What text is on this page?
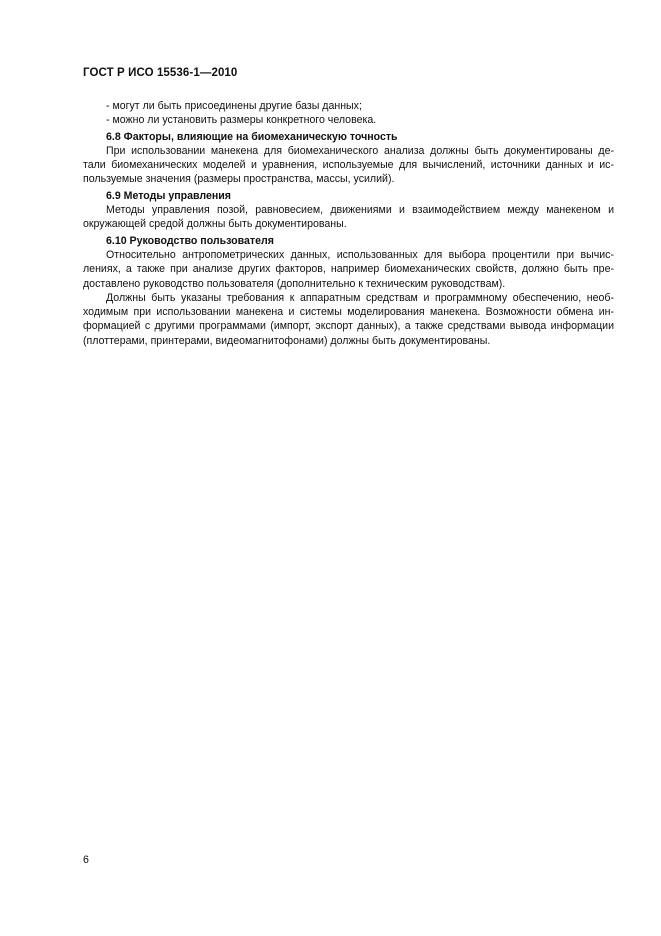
ГОСТ Р ИСО 15536-1—2010
- могут ли быть присоединены другие базы данных;
- можно ли установить размеры конкретного человека.
6.8 Факторы, влияющие на биомеханическую точность
При использовании манекена для биомеханического анализа должны быть документированы де-
тали биомеханических моделей и уравнения, используемые для вычислений, источники данных и ис-
пользуемые значения (размеры пространства, массы, усилий).
6.9 Методы управления
Методы управления позой, равновесием, движениями и взаимодействием между манекеном и
окружающей средой должны быть документированы.
6.10 Руководство пользователя
Относительно антропометрических данных, использованных для выбора процентили при вычис-
лениях, а также при анализе других факторов, например биомеханических свойств, должно быть пре-
доставлено руководство пользователя (дополнительно к техническим руководствам).
Должны быть указаны требования к аппаратным средствам и программному обеспечению, необ-
ходимым при использовании манекена и системы моделирования манекена. Возможности обмена ин-
формацией с другими программами (импорт, экспорт данных), а также средствами вывода информации
(плоттерами, принтерами, видеомагнитофонами) должны быть документированы.
6
